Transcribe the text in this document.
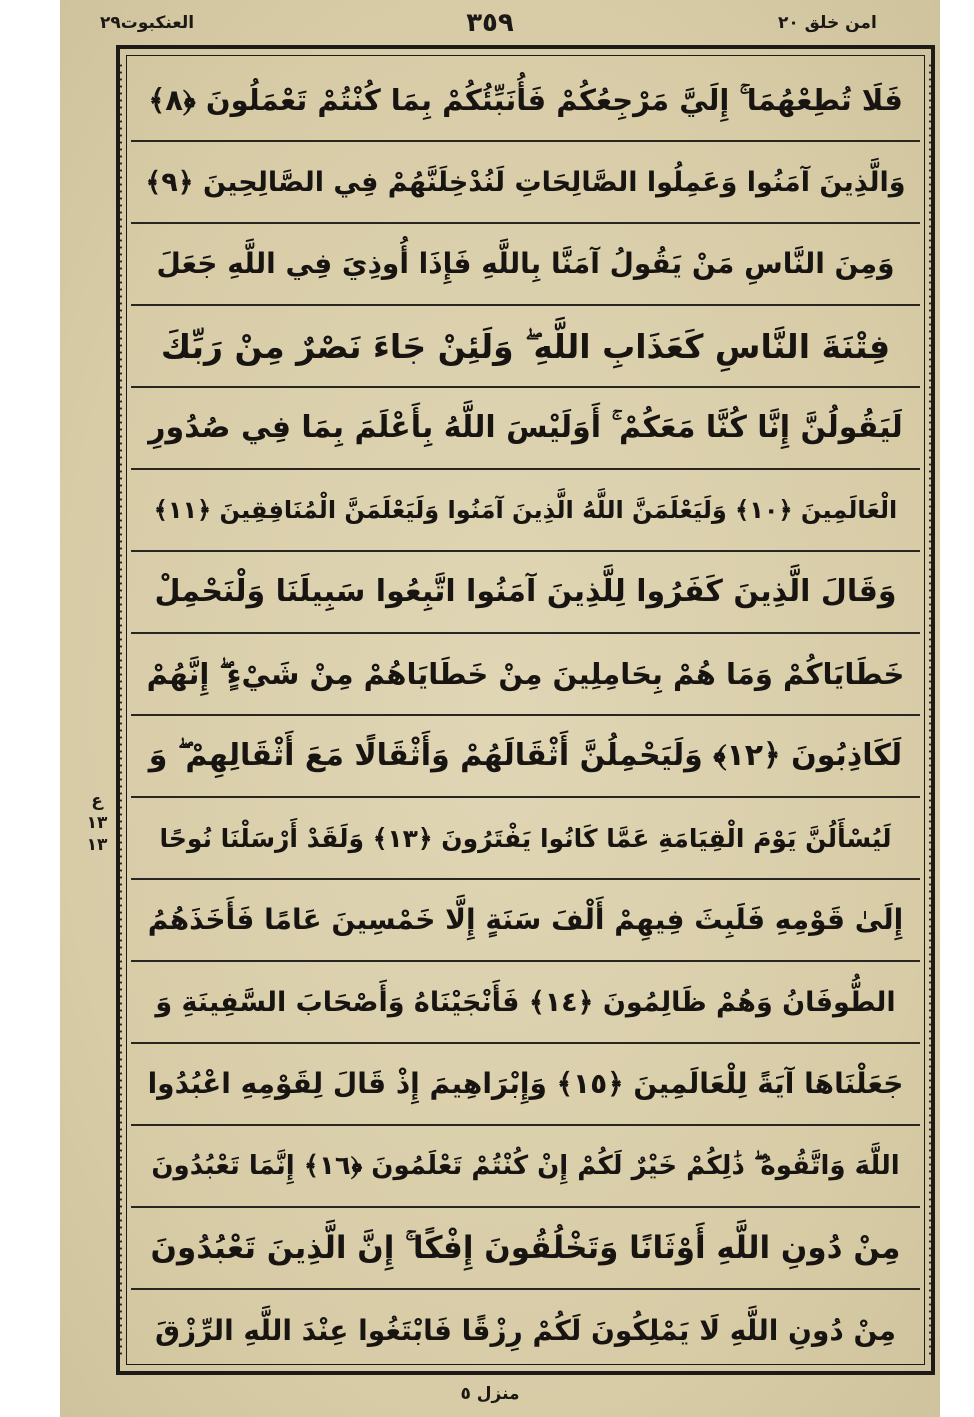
العنكبوت٢٩	٣٥٩	امن خلق ٢٠
فَلَا تُطِعْهُمَا ۚ إِلَيَّ مَرْجِعُكُمْ فَأُنَبِّئُكُمْ بِمَا كُنْتُمْ تَعْمَلُونَ ﴿٨﴾
وَالَّذِينَ آمَنُوا وَعَمِلُوا الصَّالِحَاتِ لَنُدْخِلَنَّهُمْ فِي الصَّالِحِينَ ﴿٩﴾
وَمِنَ النَّاسِ مَنْ يَقُولُ آمَنَّا بِاللَّهِ فَإِذَا أُوذِيَ فِي اللَّهِ جَعَلَ
فِتْنَةَ النَّاسِ كَعَذَابِ اللَّهِ ۖ وَلَئِنْ جَاءَ نَصْرٌ مِنْ رَبِّكَ
لَيَقُولُنَّ إِنَّا كُنَّا مَعَكُمْ ۚ أَوَلَيْسَ اللَّهُ بِأَعْلَمَ بِمَا فِي صُدُورِ
الْعَالَمِينَ ﴿١٠﴾ وَلَيَعْلَمَنَّ اللَّهُ الَّذِينَ آمَنُوا وَلَيَعْلَمَنَّ الْمُنَافِقِينَ ﴿١١﴾
وَقَالَ الَّذِينَ كَفَرُوا لِلَّذِينَ آمَنُوا اتَّبِعُوا سَبِيلَنَا وَلْنَحْمِلْ
خَطَايَاكُمْ وَمَا هُمْ بِحَامِلِينَ مِنْ خَطَايَاهُمْ مِنْ شَيْءٍ ۖ إِنَّهُمْ
لَكَاذِبُونَ ﴿١٢﴾ وَلَيَحْمِلُنَّ أَثْقَالَهُمْ وَأَثْقَالًا مَعَ أَثْقَالِهِمْ ۖ وَ
لَيُسْأَلُنَّ يَوْمَ الْقِيَامَةِ عَمَّا كَانُوا يَفْتَرُونَ ﴿١٣﴾ وَلَقَدْ أَرْسَلْنَا نُوحًا
إِلَىٰ قَوْمِهِ فَلَبِثَ فِيهِمْ أَلْفَ سَنَةٍ إِلَّا خَمْسِينَ عَامًا فَأَخَذَهُمُ
الطُّوفَانُ وَهُمْ ظَالِمُونَ ﴿١٤﴾ فَأَنْجَيْنَاهُ وَأَصْحَابَ السَّفِينَةِ وَ
جَعَلْنَاهَا آيَةً لِلْعَالَمِينَ ﴿١٥﴾ وَإِبْرَاهِيمَ إِذْ قَالَ لِقَوْمِهِ اعْبُدُوا
اللَّهَ وَاتَّقُوهُ ۖ ذَٰلِكُمْ خَيْرٌ لَكُمْ إِنْ كُنْتُمْ تَعْلَمُونَ ﴿١٦﴾ إِنَّمَا تَعْبُدُونَ
مِنْ دُونِ اللَّهِ أَوْثَانًا وَتَخْلُقُونَ إِفْكًا ۚ إِنَّ الَّذِينَ تَعْبُدُونَ
مِنْ دُونِ اللَّهِ لَا يَمْلِكُونَ لَكُمْ رِزْقًا فَابْتَغُوا عِنْدَ اللَّهِ الرِّزْقَ
ع
١٣
١٣
منزل ٥
